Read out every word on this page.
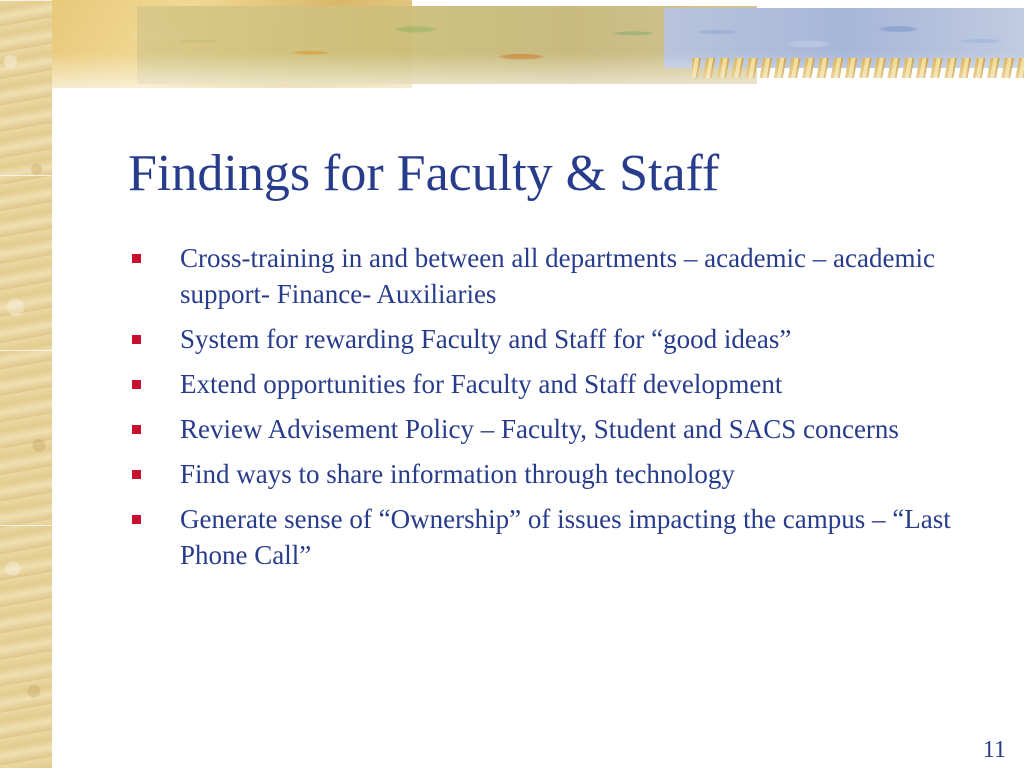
Findings for Faculty & Staff
Cross-training in and between all departments – academic – academic support- Finance- Auxiliaries
System for rewarding Faculty and Staff for “good ideas”
Extend opportunities for Faculty and Staff development
Review Advisement Policy – Faculty, Student and SACS concerns
Find ways to share information through technology
Generate sense of “Ownership” of issues impacting the campus – “Last Phone Call”
11
